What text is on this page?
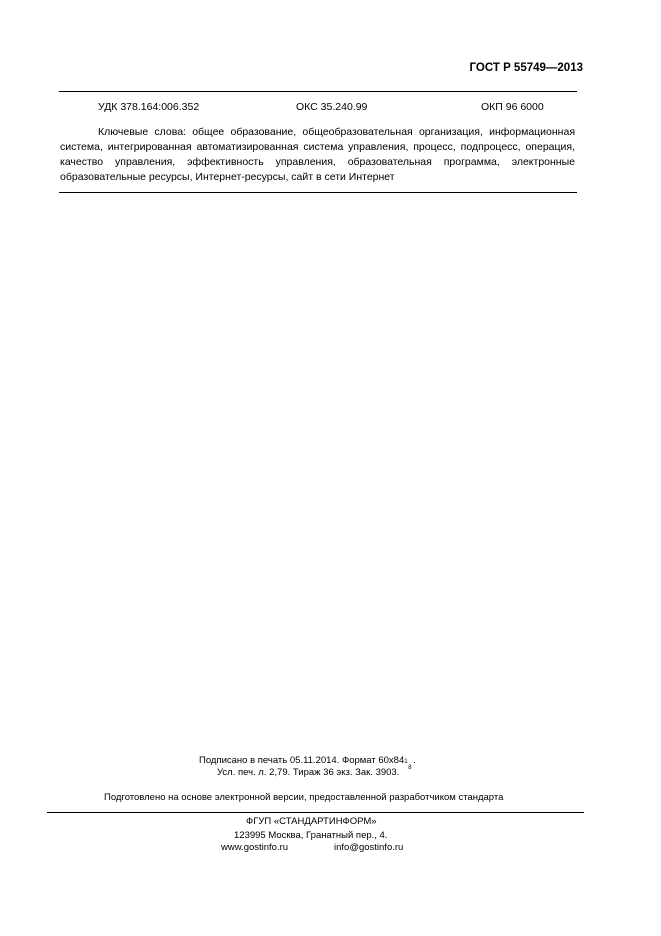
ГОСТ Р 55749—2013
УДК 378.164:006.352	ОКС 35.240.99	ОКП 96 6000
Ключевые слова: общее образование, общеобразовательная организация, информационная система, интегрированная автоматизированная система управления, процесс, подпроцесс, операция, качество управления, эффективность управления, образовательная программа, электронные образовательные ресурсы, Интернет-ресурсы, сайт в сети Интернет
Подписано в печать 05.11.2014. Формат 60х84 1
8
.
Усл. печ. л. 2,79. Тираж 36 экз. Зак. 3903.
Подготовлено на основе электронной версии, предоставленной разработчиком стандарта
ФГУП «СТАНДАРТИНФОРМ»
123995 Москва, Гранатный пер., 4.
www.gostinfo.ru	info@gostinfo.ru
